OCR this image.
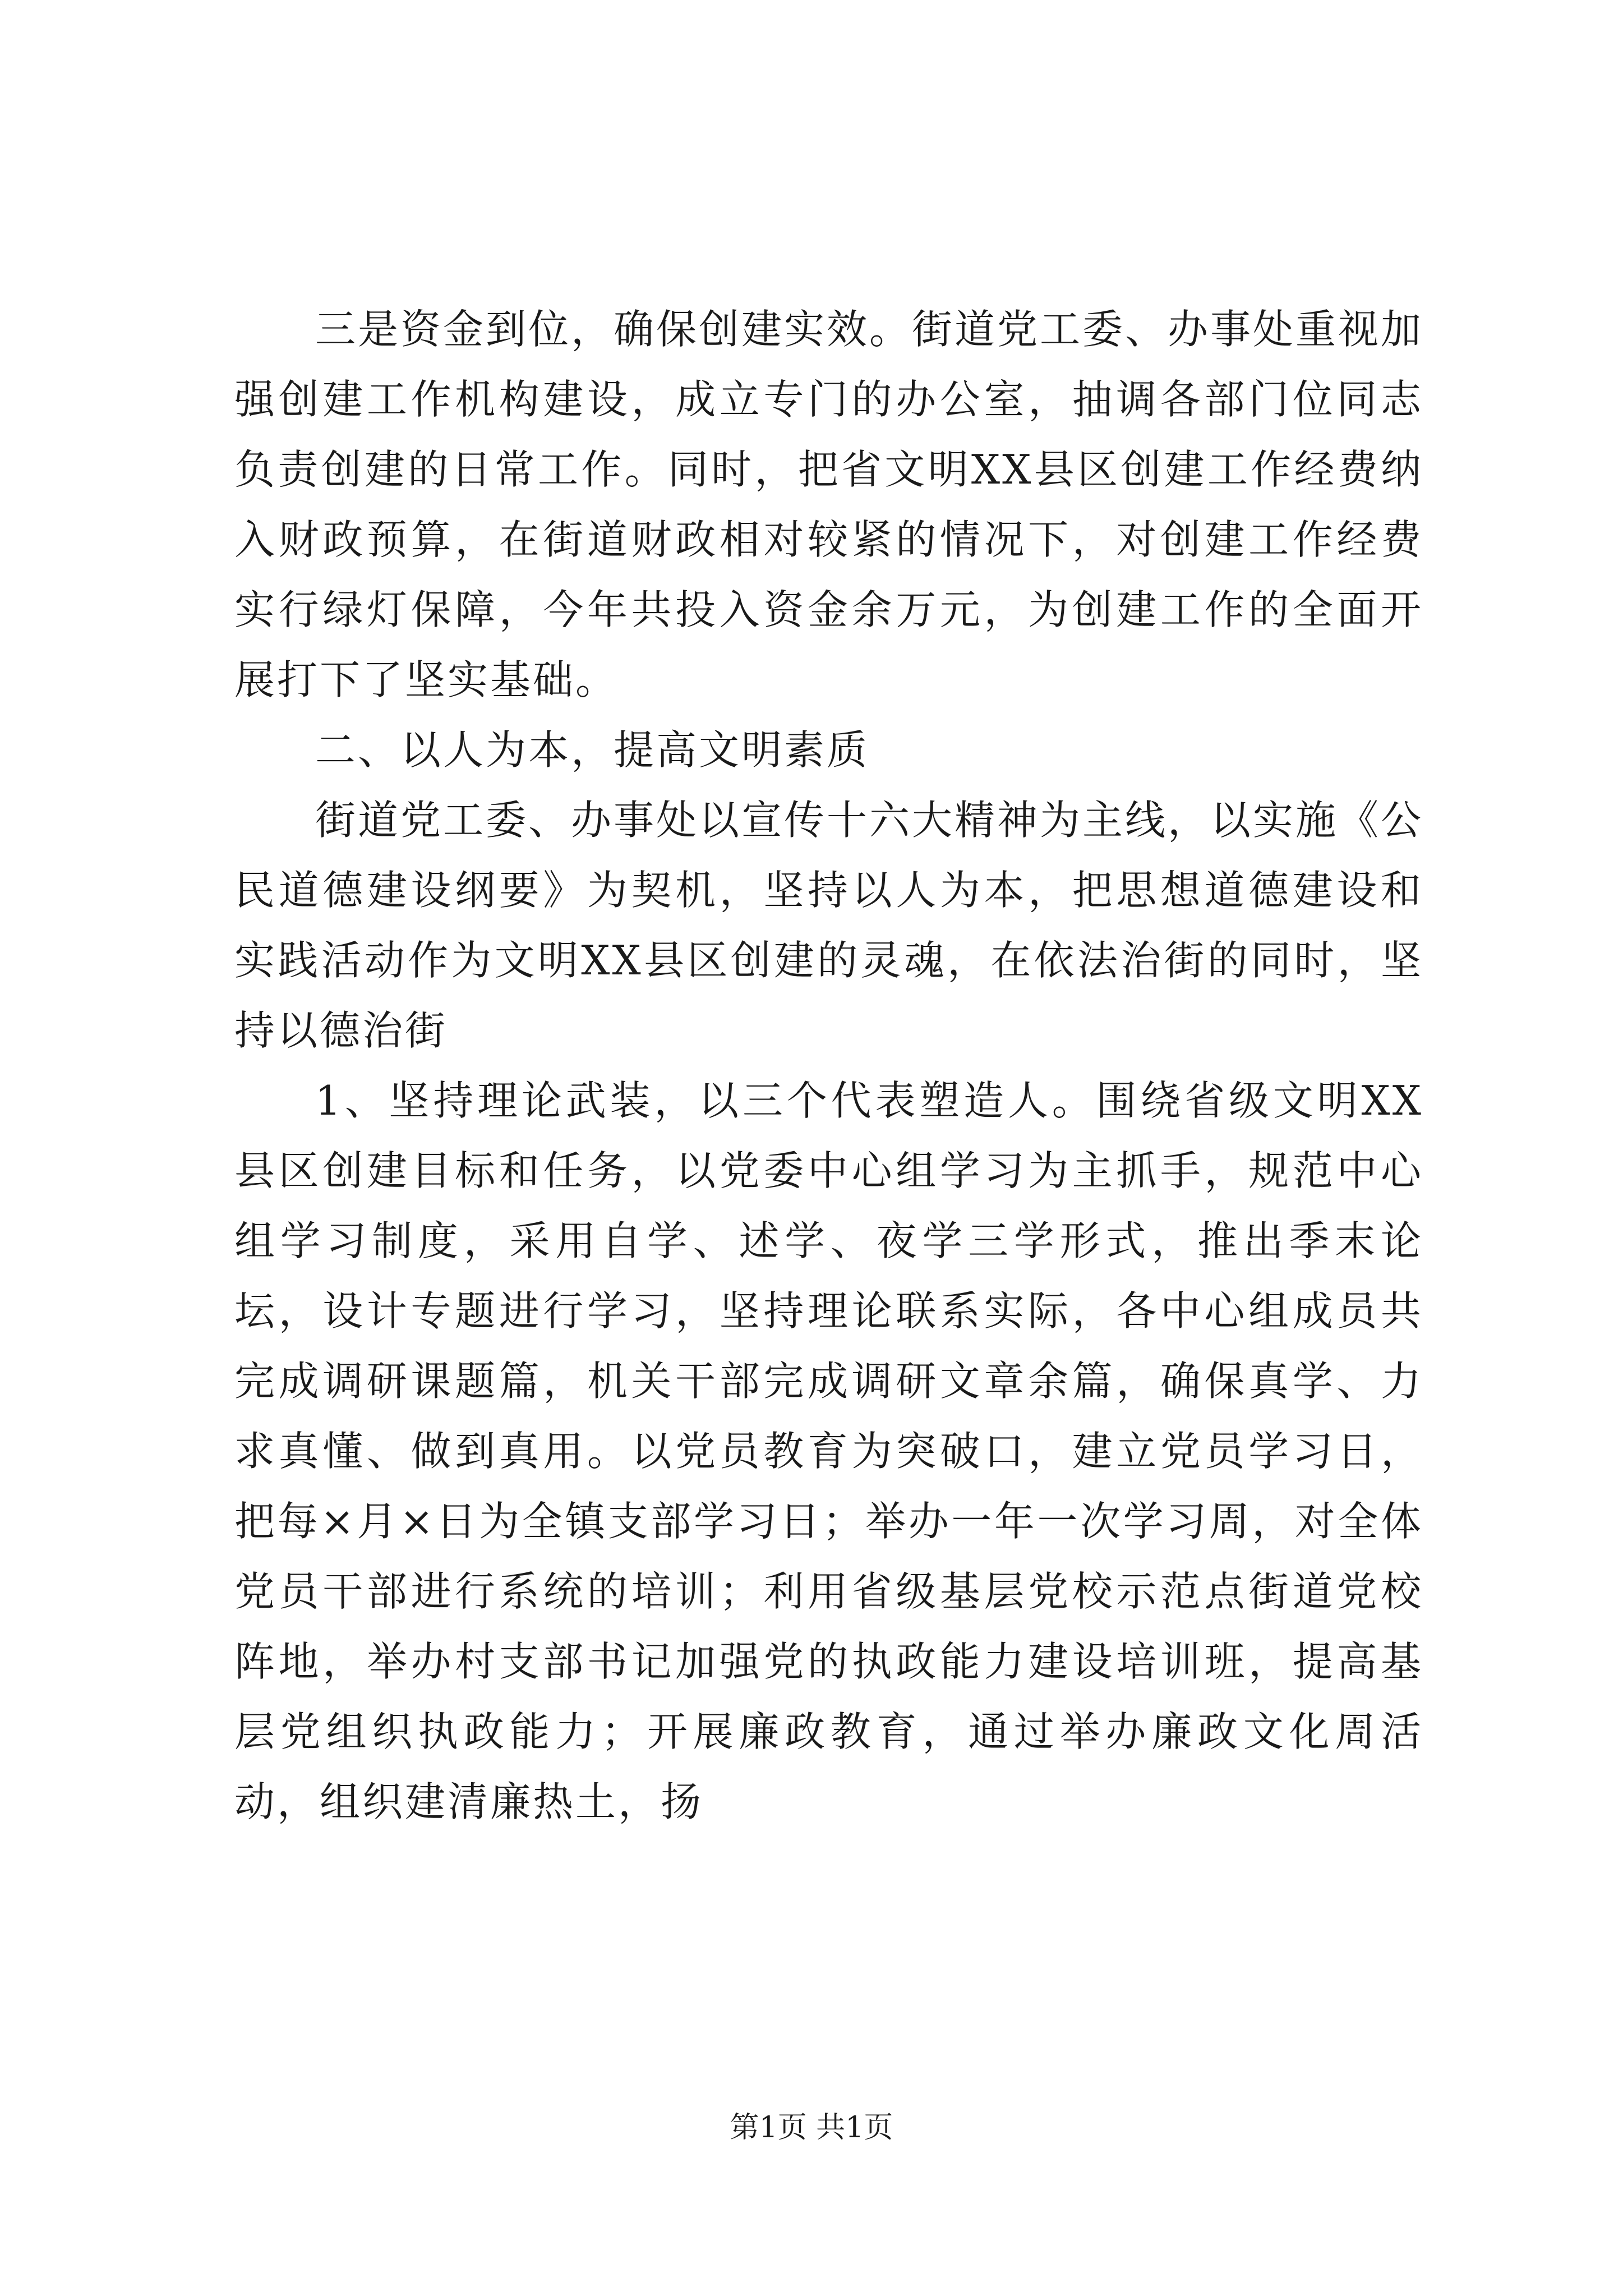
三是资金到位，确保创建实效。街道党工委、办事处重视加强创建工作机构建设，成立专门的办公室，抽调各部门位同志负责创建的日常工作。同时，把省文明XX县区创建工作经费纳入财政预算，在街道财政相对较紧的情况下，对创建工作经费实行绿灯保障，今年共投入资金余万元，为创建工作的全面开展打下了坚实基础。

二、以人为本，提高文明素质

街道党工委、办事处以宣传十六大精神为主线，以实施《公民道德建设纲要》为契机，坚持以人为本，把思想道德建设和实践活动作为文明XX县区创建的灵魂，在依法治街的同时，坚持以德治街

1、坚持理论武装，以三个代表塑造人。围绕省级文明XX县区创建目标和任务，以党委中心组学习为主抓手，规范中心组学习制度，采用自学、述学、夜学三学形式，推出季末论坛，设计专题进行学习，坚持理论联系实际，各中心组成员共完成调研课题篇，机关干部完成调研文章余篇，确保真学、力求真懂、做到真用。以党员教育为突破口，建立党员学习日，把每×月×日为全镇支部学习日；举办一年一次学习周，对全体党员干部进行系统的培训；利用省级基层党校示范点街道党校阵地，举办村支部书记加强党的执政能力建设培训班，提高基层党组织执政能力；开展廉政教育，通过举办廉政文化周活动，组织建清廉热土，扬

第1页 共1页
